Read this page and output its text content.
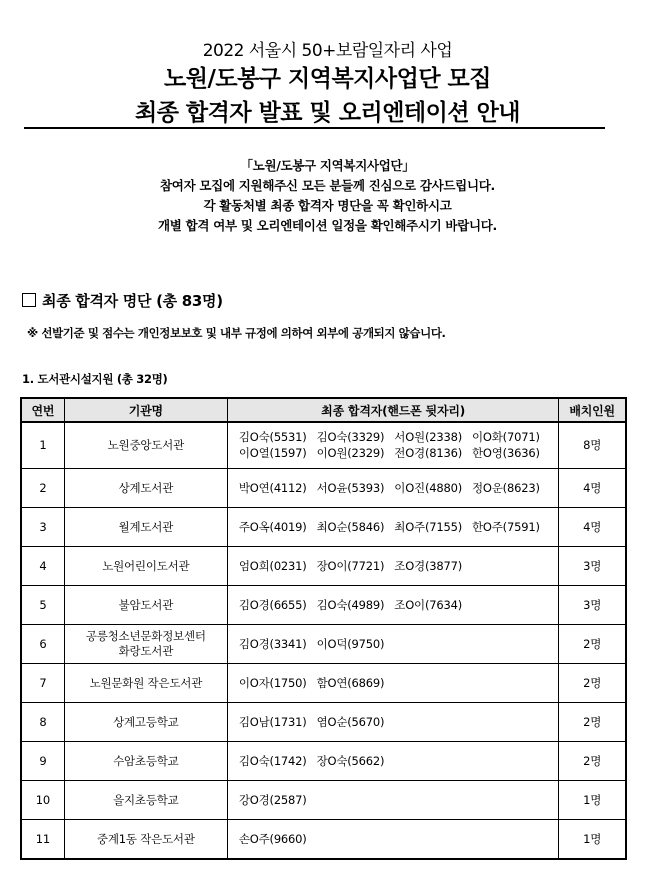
2022 서울시 50+보람일자리 사업
노원/도봉구 지역복지사업단 모집
최종 합격자 발표 및 오리엔테이션 안내
「노원/도봉구 지역복지사업단」
참여자 모집에 지원해주신 모든 분들께 진심으로 감사드립니다.
각 활동처별 최종 합격자 명단을 꼭 확인하시고
개별 합격 여부 및 오리엔테이션 일정을 확인해주시기 바랍니다.
최종 합격자 명단 (총 83명)
※ 선발기준 및 점수는 개인정보보호 및 내부 규정에 의하여 외부에 공개되지 않습니다.
1. 도서관시설지원 (총 32명)
연번	기관명	최종 합격자(핸드폰 뒷자리)	배치인원
1	노원중앙도서관	김O숙(5531) 김O숙(3329) 서O원(2338) 이O화(7071)
이O열(1597) 이O원(2329) 전O경(8136) 한O영(3636)	8명
2	상계도서관	박O연(4112) 서O윤(5393) 이O진(4880) 정O운(8623)	4명
3	월계도서관	주O옥(4019) 최O순(5846) 최O주(7155) 한O주(7591)	4명
4	노원어린이도서관	엄O희(0231) 장O이(7721) 조O경(3877)	3명
5	불암도서관	김O경(6655) 김O숙(4989) 조O이(7634)	3명
6	공릉청소년문화정보센터
화랑도서관	김O경(3341) 이O덕(9750)	2명
7	노원문화원 작은도서관	이O자(1750) 함O연(6869)	2명
8	상계고등학교	김O남(1731) 염O순(5670)	2명
9	수암초등학교	김O숙(1742) 장O숙(5662)	2명
10	을지초등학교	강O경(2587)	1명
11	중계1동 작은도서관	손O주(9660)	1명
